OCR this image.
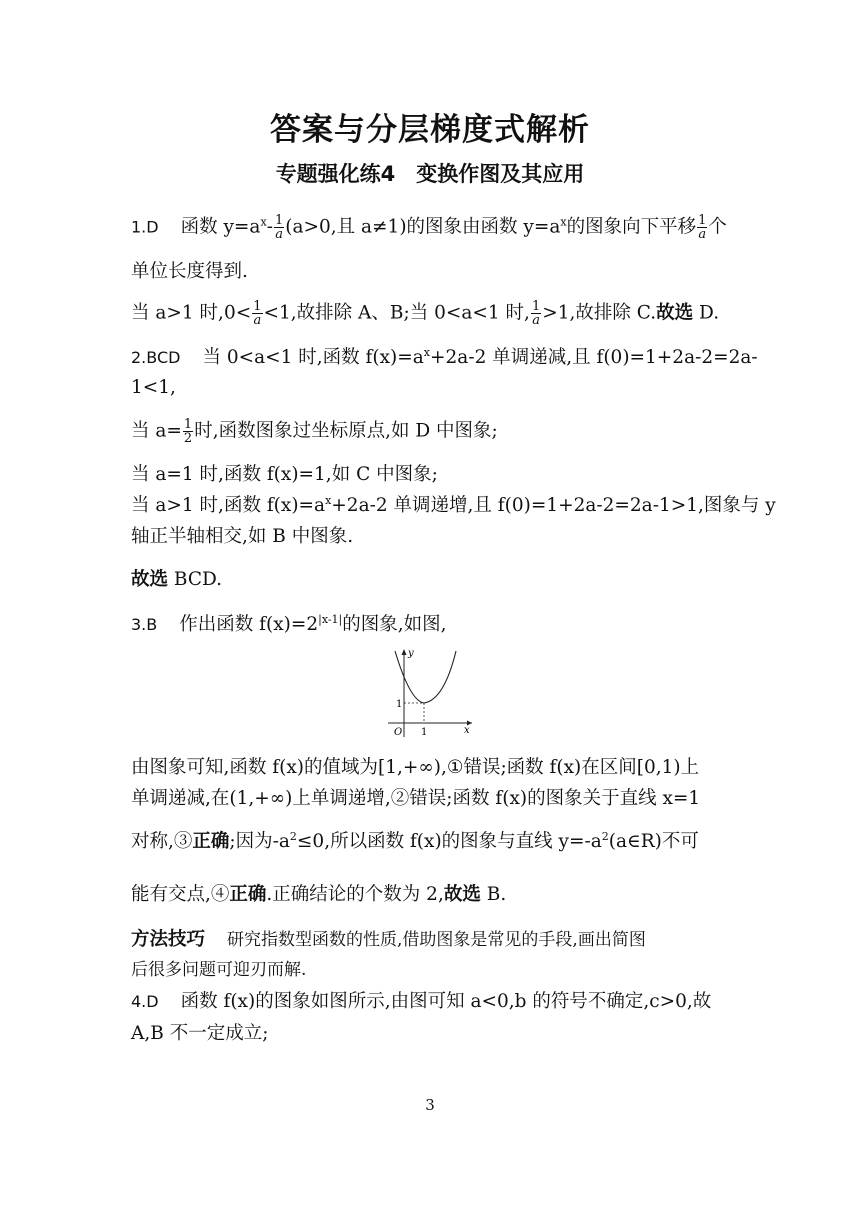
答案与分层梯度式解析
专题强化练4　变换作图及其应用
1.D 函数 $y=a^x- \frac{1}{a} (a>0$,且 a≠1)的图象由函数 $y=a^x$的图象向下平移 $\frac{1}{a}$ 个
单位长度得到.
当 a>1 时$,0< \frac{1}{a} <1$,故排除 A、B;当 0<a<1 时, $\frac{1}{a} >1$,故排除 C.故选 D.
2.BCD 当 0<a<1 时,函数 $f(x)=a^x+2a-2$ 单调递减,且 f(0)=1+2a-2=2a-
1<1,
当 $a= \frac{1}{2}$ 时,函数图象过坐标原点,如 D 中图象;
当 a=1 时,函数 f(x)=1,如 C 中图象;
当 a>1 时,函数 $f(x)=a^x+2a-2$ 单调递增,且 f(0)=1+2a-2=2a-1>1,图象与 y
轴正半轴相交,如 B 中图象.
故选 BCD.
3.B 作出函数 $f(x)=2^{|x-1|}$的图象,如图,
y
x
O
1
1
由图象可知,函数 f(x)的值域为[1,+∞),①错误;函数 f(x)在区间[0,1)上
单调递减,在(1,+∞)上单调递增,②错误;函数 f(x)的图象关于直线 x=1
对称,③正确;因为$-a^2\le 0$,所以函数 f(x)的图象与直线 $y=-a^2(a\in R)$不可
能有交点,④正确.正确结论的个数为 2,故选 B.
方法技巧 研究指数型函数的性质,借助图象是常见的手段,画出简图
后很多问题可迎刃而解.
4.D 函数 f(x)的图象如图所示,由图可知 a<0,b 的符号不确定,c>0,故
A,B 不一定成立;
3
